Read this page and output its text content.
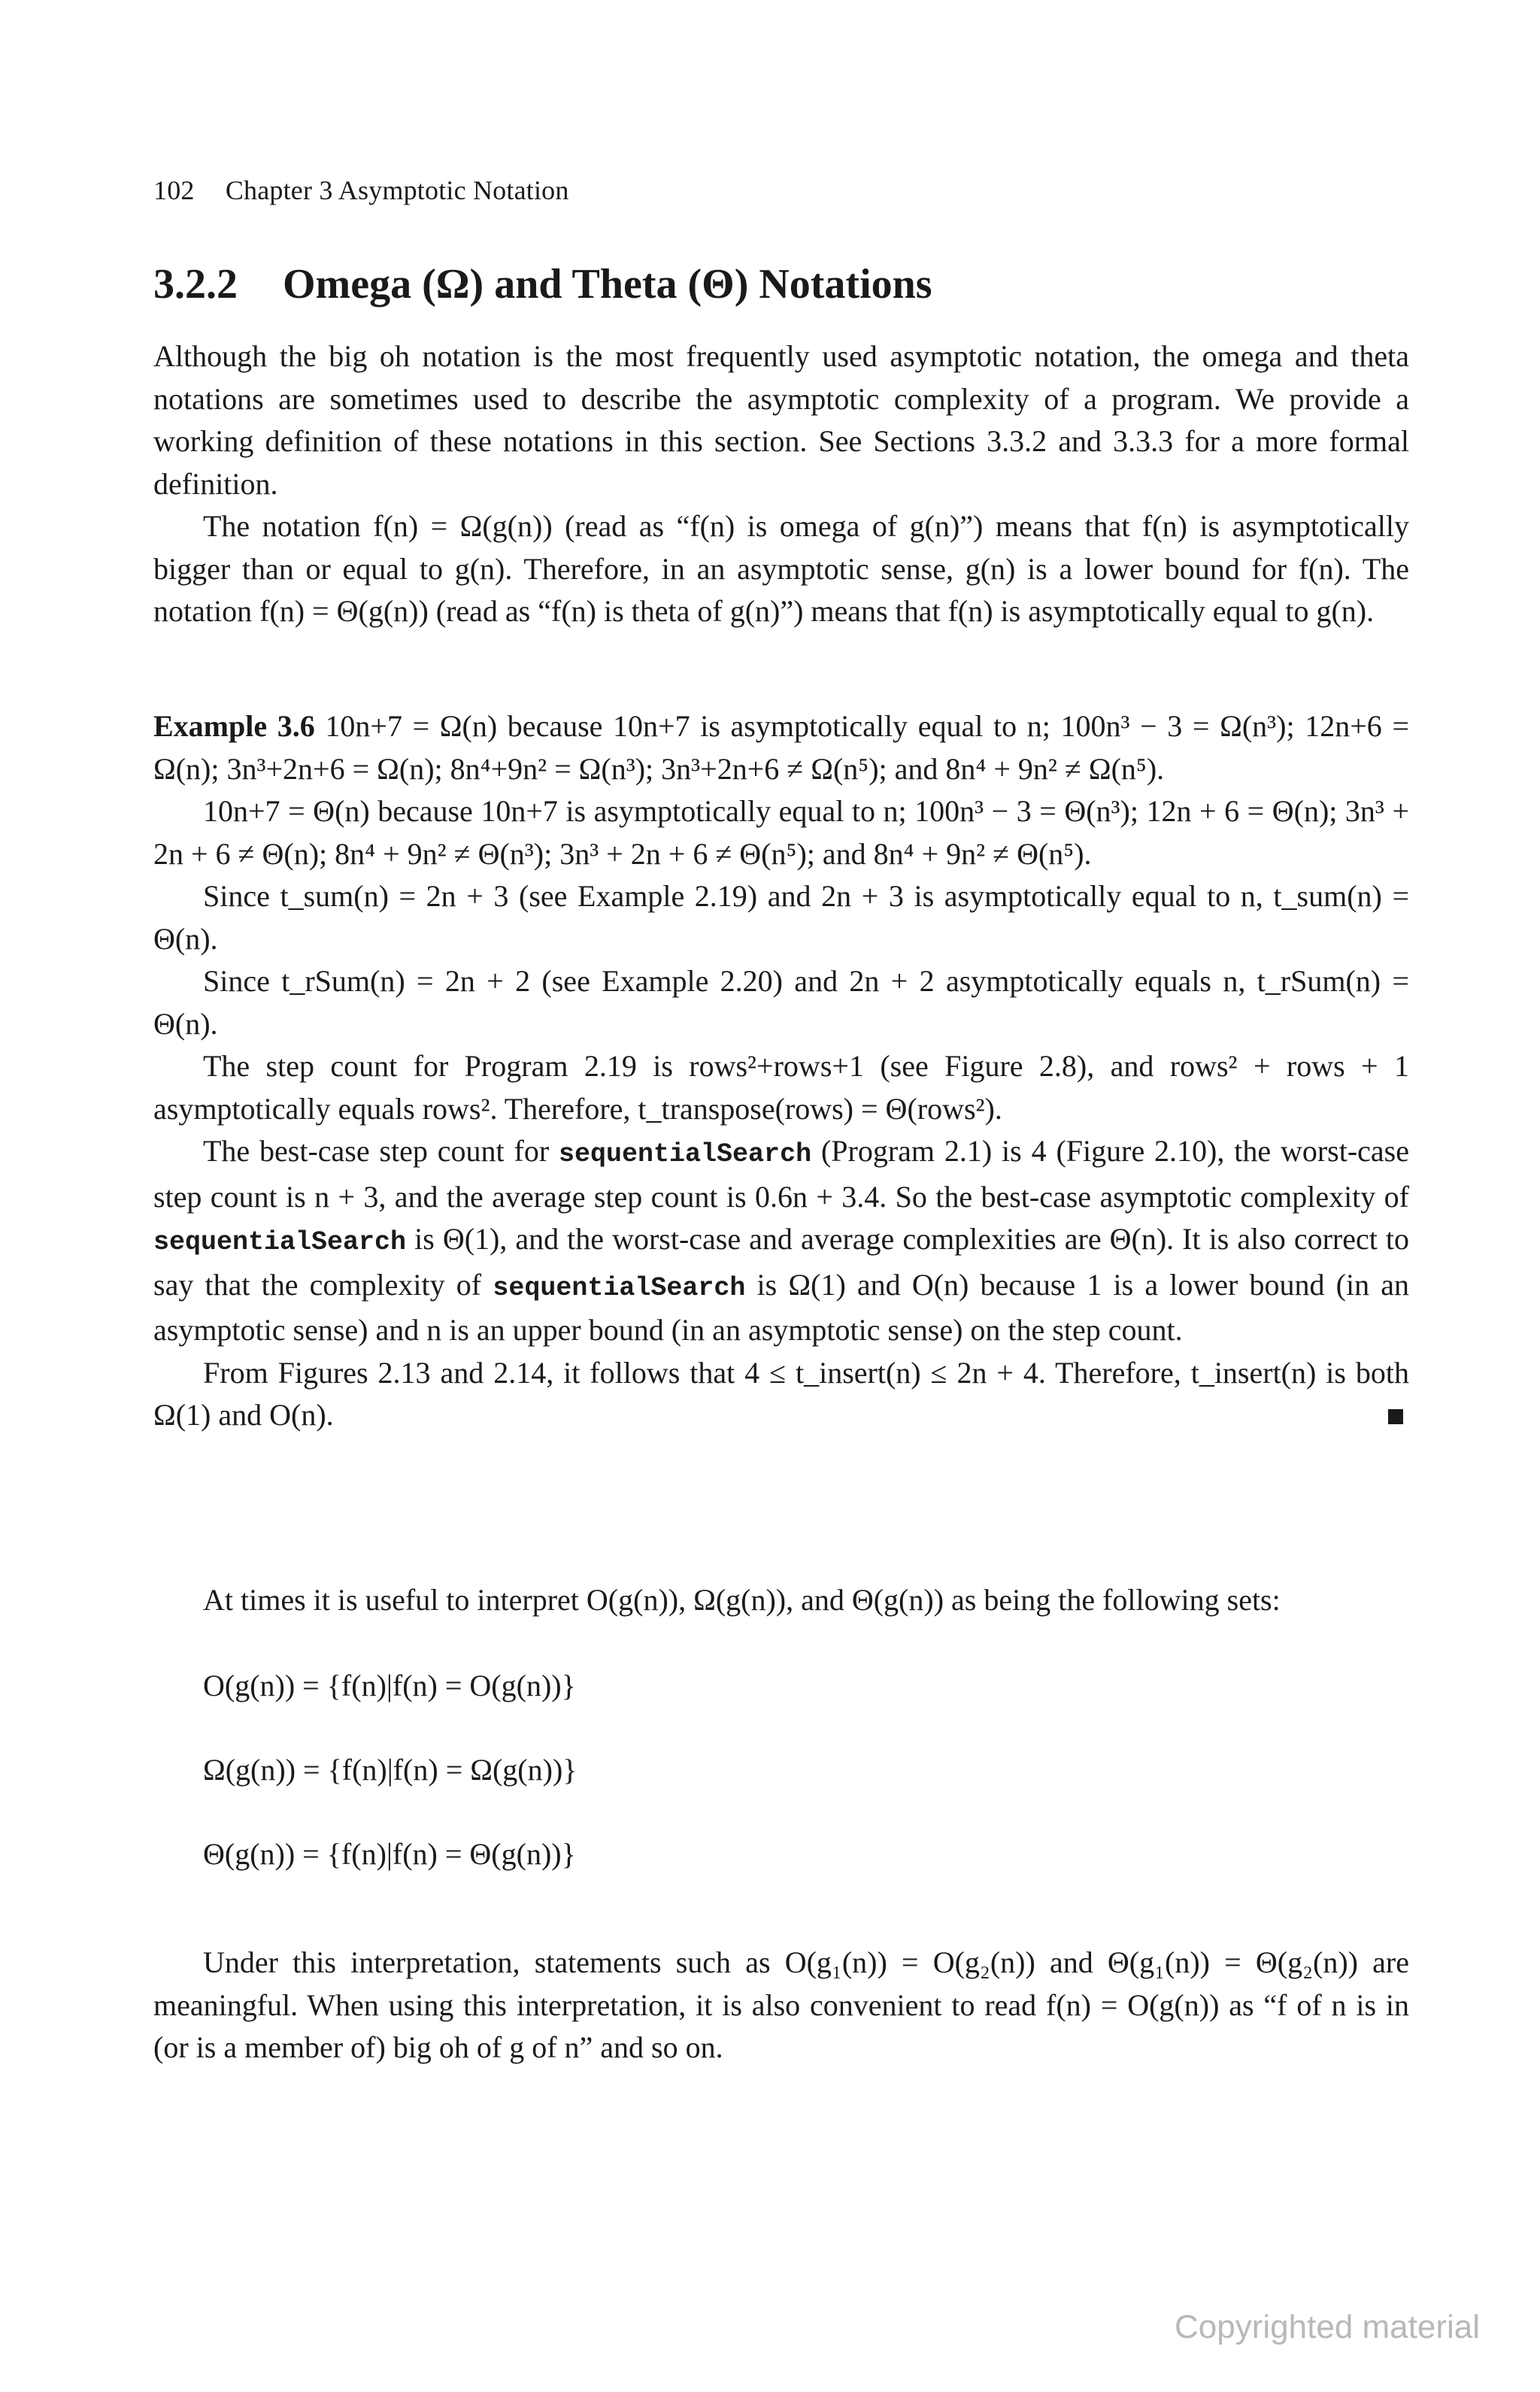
102 Chapter 3 Asymptotic Notation
3.2.2 Omega (Ω) and Theta (Θ) Notations

Although the big oh notation is the most frequently used asymptotic notation, the omega and theta notations are sometimes used to describe the asymptotic complexity of a program. We provide a working definition of these notations in this section. See Sections 3.3.2 and 3.3.3 for a more formal definition.

The notation f(n) = Ω(g(n)) (read as “f(n) is omega of g(n)”) means that f(n) is asymptotically bigger than or equal to g(n). Therefore, in an asymptotic sense, g(n) is a lower bound for f(n). The notation f(n) = Θ(g(n)) (read as “f(n) is theta of g(n)”) means that f(n) is asymptotically equal to g(n).

Example 3.6 10n+7 = Ω(n) because 10n+7 is asymptotically equal to n; 100n³ − 3 = Ω(n³); 12n+6 = Ω(n); 3n³+2n+6 = Ω(n); 8n⁴+9n² = Ω(n³); 3n³+2n+6 ≠ Ω(n⁵); and 8n⁴ + 9n² ≠ Ω(n⁵).

10n+7 = Θ(n) because 10n+7 is asymptotically equal to n; 100n³ − 3 = Θ(n³); 12n + 6 = Θ(n); 3n³ + 2n + 6 ≠ Θ(n); 8n⁴ + 9n² ≠ Θ(n³); 3n³ + 2n + 6 ≠ Θ(n⁵); and 8n⁴ + 9n² ≠ Θ(n⁵).

Since t_sum(n) = 2n + 3 (see Example 2.19) and 2n + 3 is asymptotically equal to n, t_sum(n) = Θ(n).

Since t_rSum(n) = 2n + 2 (see Example 2.20) and 2n + 2 asymptotically equals n, t_rSum(n) = Θ(n).

The step count for Program 2.19 is rows²+rows+1 (see Figure 2.8), and rows² + rows + 1 asymptotically equals rows². Therefore, t_transpose(rows) = Θ(rows²).

The best-case step count for sequentialSearch (Program 2.1) is 4 (Figure 2.10), the worst-case step count is n + 3, and the average step count is 0.6n + 3.4. So the best-case asymptotic complexity of sequentialSearch is Θ(1), and the worst-case and average complexities are Θ(n). It is also correct to say that the complexity of sequentialSearch is Ω(1) and O(n) because 1 is a lower bound (in an asymptotic sense) and n is an upper bound (in an asymptotic sense) on the step count.

From Figures 2.13 and 2.14, it follows that 4 ≤ t_insert(n) ≤ 2n + 4. Therefore, t_insert(n) is both Ω(1) and O(n).

At times it is useful to interpret O(g(n)), Ω(g(n)), and Θ(g(n)) as being the following sets:

O(g(n)) = {f(n)|f(n) = O(g(n))}
Ω(g(n)) = {f(n)|f(n) = Ω(g(n))}
Θ(g(n)) = {f(n)|f(n) = Θ(g(n))}

Under this interpretation, statements such as O(g₁(n)) = O(g₂(n)) and Θ(g₁(n)) = Θ(g₂(n)) are meaningful. When using this interpretation, it is also convenient to read f(n) = O(g(n)) as “f of n is in (or is a member of) big oh of g of n” and so on.

Copyrighted material
